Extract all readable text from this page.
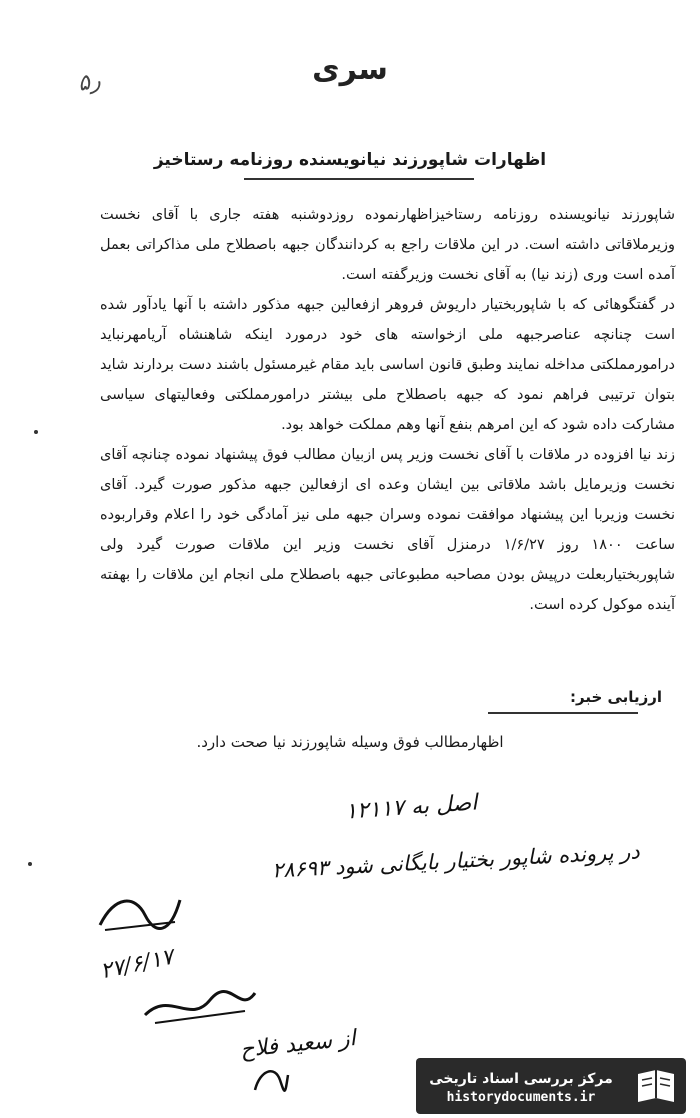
۵ر	سری
اظهارات شاپورزند نیانویسنده روزنامه رستاخیز

شاپورزند نیانویسنده روزنامه رستاخیزاظهارنموده روزدوشنبه هفته جاری با آقای نخست وزیرملاقاتی داشته است. در این ملاقات راجع به کردانندگان جبهه باصطلاح ملی مذاکراتی بعمل آمده است وری (زند نیا) به آقای نخست وزیرگفته است.

در گفتگوهائی که با شاپوربختیار داریوش فروهر ازفعالین جبهه مذکور داشته با آنها یادآور شده است چنانچه عناصرجبهه ملی ازخواسته های خود درمورد اینکه شاهنشاه آریامهرنباید درامورمملکتی مداخله نمایند وطبق قانون اساسی باید مقام غیرمسئول باشند دست بردارند شاید بتوان ترتیبی فراهم نمود که جبهه باصطلاح ملی بیشتر درامورمملکتی وفعالیتهای سیاسی مشارکت داده شود که این امرهم بنفع آنها وهم مملکت خواهد بود.

زند نیا افزوده در ملاقات با آقای نخست وزیر پس ازبیان مطالب فوق پیشنهاد نموده چنانچه آقای نخست وزیرمایل باشد ملاقاتی بین ایشان وعده ای ازفعالین جبهه مذکور صورت گیرد. آقای نخست وزیربا این پیشنهاد موافقت نموده وسران جبهه ملی نیز آمادگی خود را اعلام وقراربوده ساعت ۱۸۰۰ روز ۱/۶/۲۷ درمنزل آقای نخست وزیر این ملاقات صورت گیرد ولی شاپوربختیاربعلت درپیش بودن مصاحبه مطبوعاتی جبهه باصطلاح ملی انجام این ملاقات را بهفته آینده موکول کرده است.

ارزیابی خبر:
اظهارمطالب فوق وسیله شاپورزند نیا صحت دارد.
اصل به ۱۲۱۱۷
در پرونده شاپور بختیار بایگانی شود ۲۸۶۹۳
۲۷/۶/۱۷
از سعید فلاح
مرکز بررسی اسناد تاریخی
historydocuments.ir
